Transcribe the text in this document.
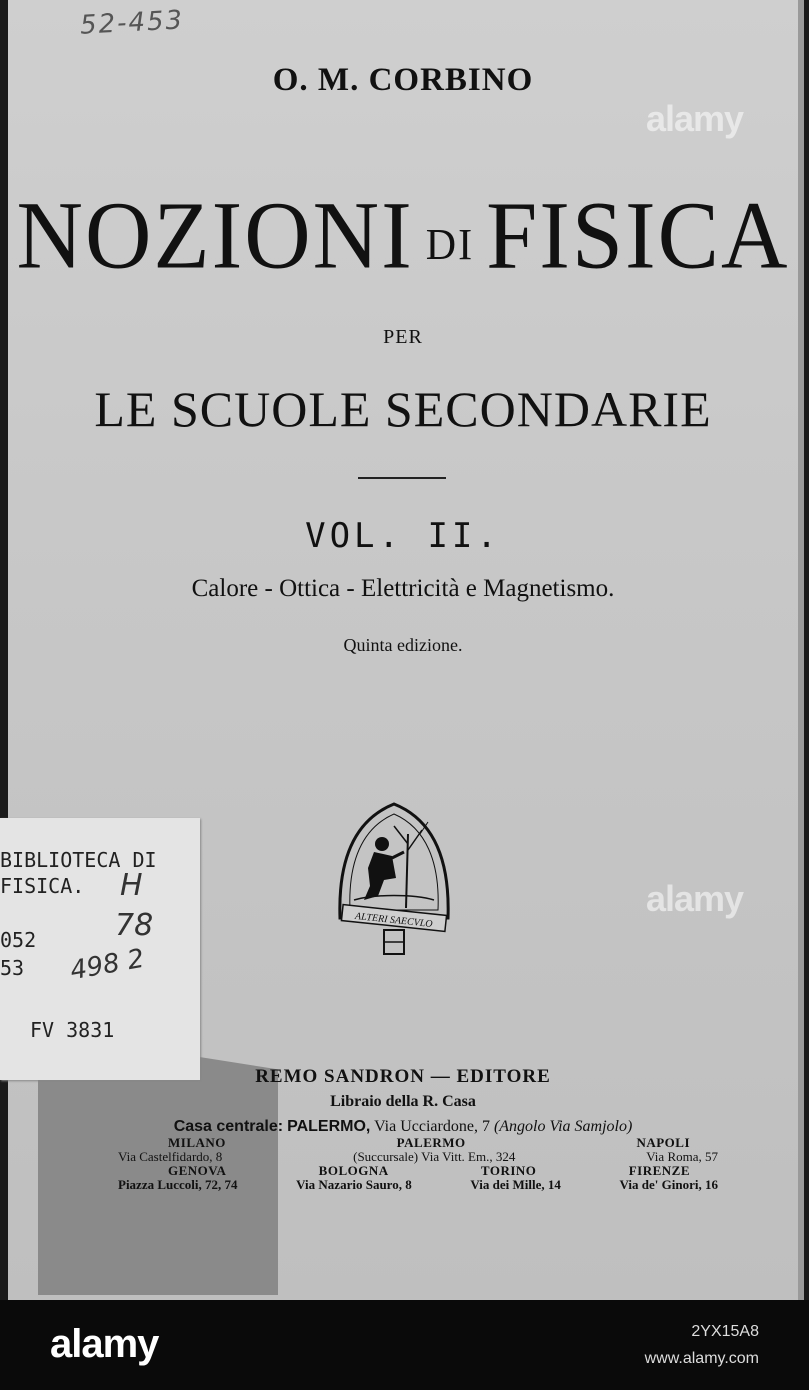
52-453
O. M. CORBINO
NOZIONI DI FISICA
PER
LE SCUOLE SECONDARIE
VOL. II.
Calore - Ottica - Elettricità e Magnetismo.
Quinta edizione.
ALTERI SAECVLO
BIBLIOTECA DI
FISICA. H
052	78
53 498 2
FV 3831
REMO SANDRON — EDITORE
Libraio della R. Casa
Casa centrale: PALERMO, Via Ucciardone, 7 (Angolo Via Samjolo)
MILANO	PALERMO	NAPOLI
Via Castelfidardo, 8	(Succursale) Via Vitt. Em., 324	Via Roma, 57
GENOVA	BOLOGNA	TORINO	FIRENZE
Piazza Luccoli, 72, 74	Via Nazario Sauro, 8	Via dei Mille, 14	Via de' Ginori, 16
alamy
alamy
alamy	2YX15A8
www.alamy.com
